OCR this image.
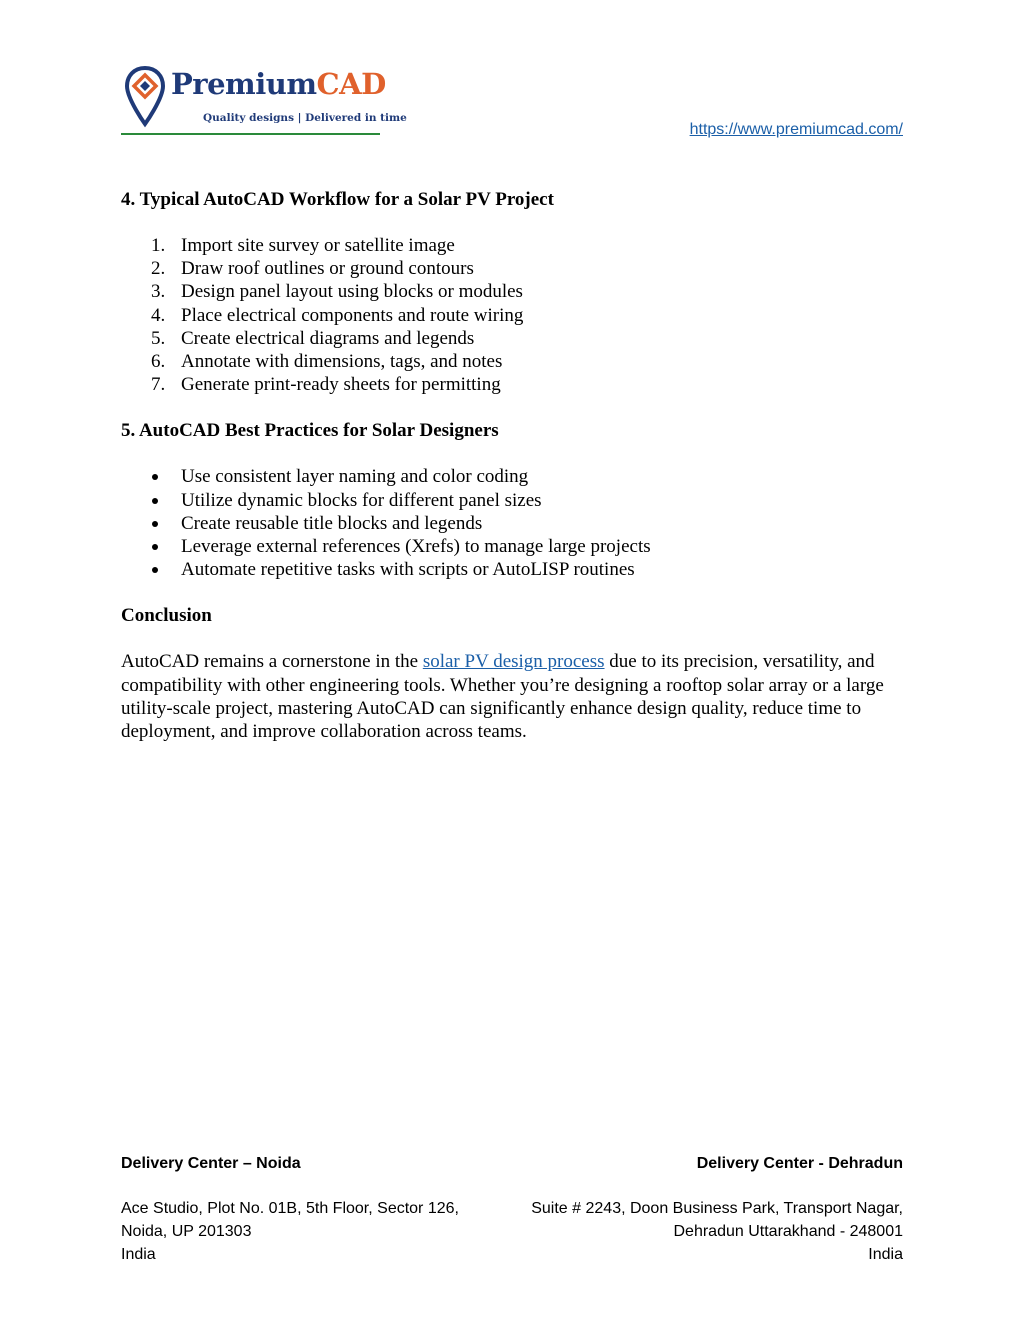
PremiumCAD
Quality designs | Delivered in time
https://www.premiumcad.com/
4. Typical AutoCAD Workflow for a Solar PV Project
1. Import site survey or satellite image
2. Draw roof outlines or ground contours
3. Design panel layout using blocks or modules
4. Place electrical components and route wiring
5. Create electrical diagrams and legends
6. Annotate with dimensions, tags, and notes
7. Generate print-ready sheets for permitting
5. AutoCAD Best Practices for Solar Designers
Use consistent layer naming and color coding
Utilize dynamic blocks for different panel sizes
Create reusable title blocks and legends
Leverage external references (Xrefs) to manage large projects
Automate repetitive tasks with scripts or AutoLISP routines
Conclusion

AutoCAD remains a cornerstone in the solar PV design process due to its precision, versatility, and compatibility with other engineering tools. Whether you’re designing a rooftop solar array or a large utility-scale project, mastering AutoCAD can significantly enhance design quality, reduce time to deployment, and improve collaboration across teams.

Delivery Center – Noida
Ace Studio, Plot No. 01B, 5th Floor, Sector 126,
Noida, UP 201303
India
Delivery Center - Dehradun
Suite # 2243, Doon Business Park, Transport Nagar,
Dehradun Uttarakhand - 248001
India
